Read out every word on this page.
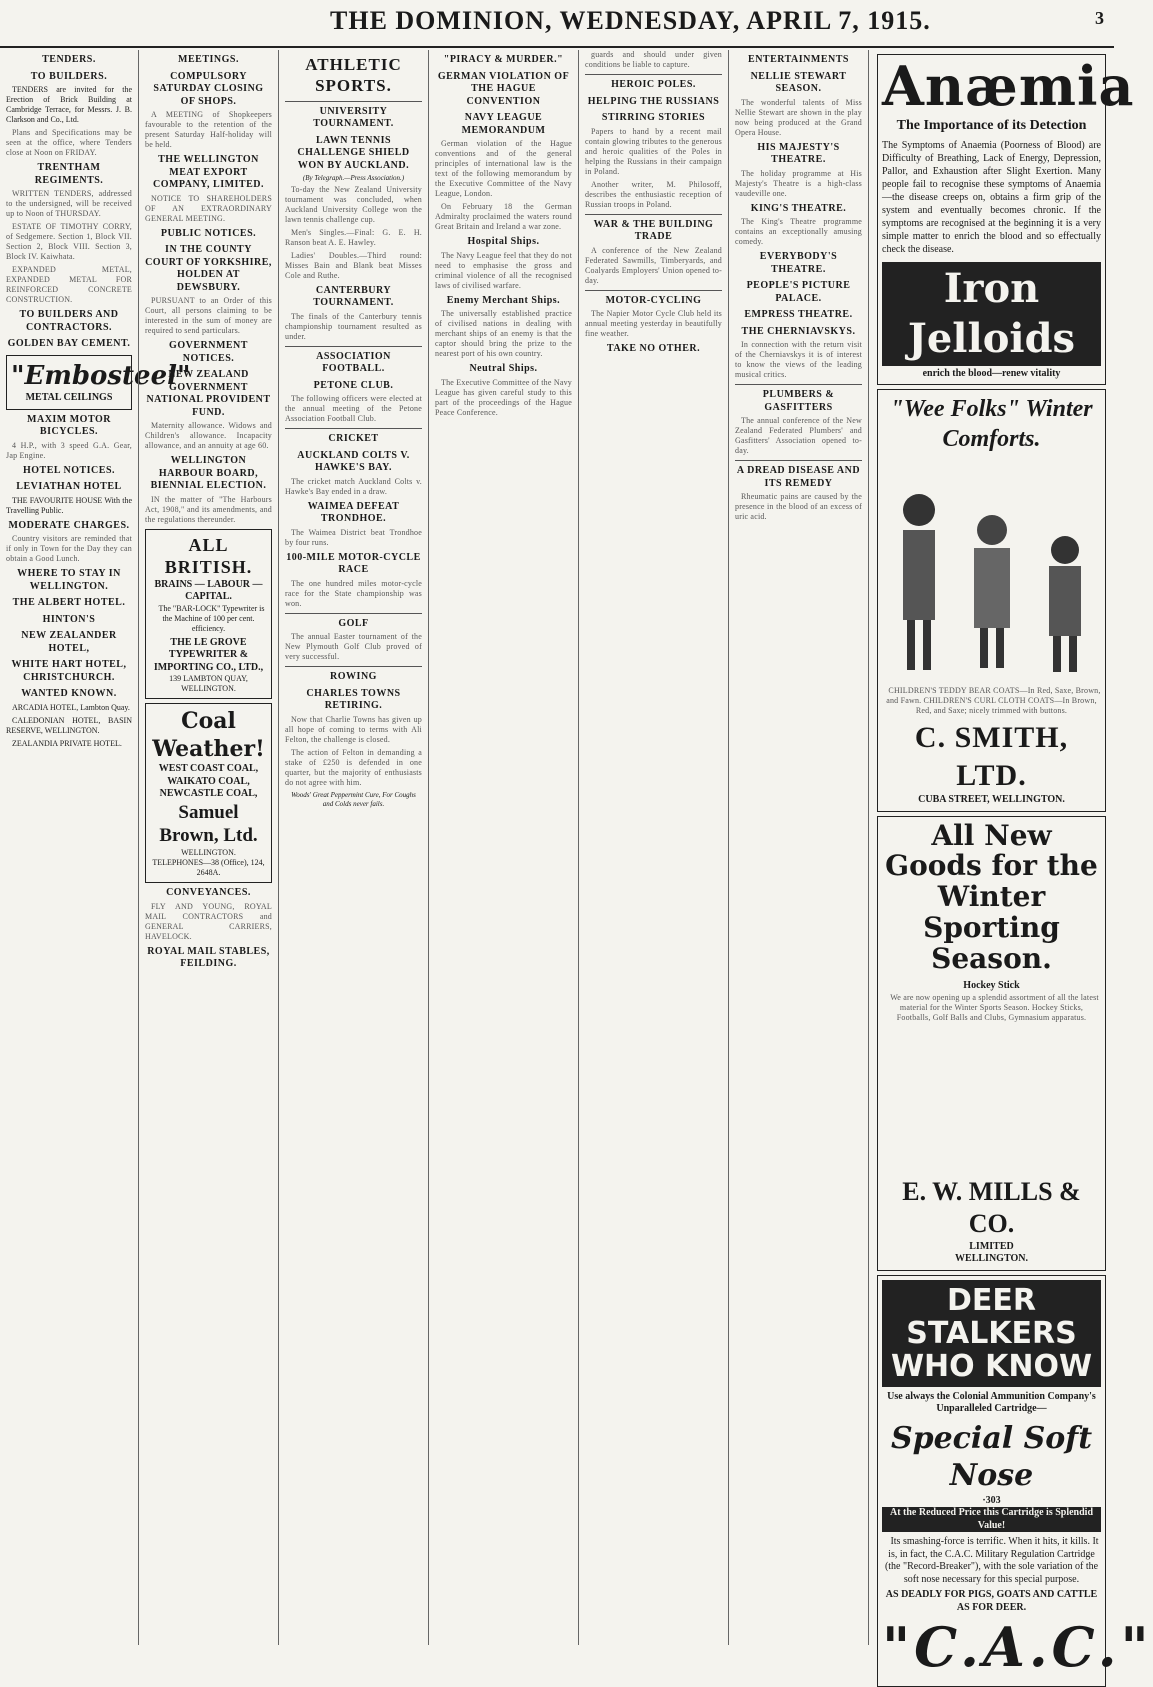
THE DOMINION, WEDNESDAY, APRIL 7, 1915.	3
TENDERS.
TO BUILDERS.

TENDERS are invited for the Erection of Brick Building at Cambridge Terrace, for Messrs. J. B. Clarkson and Co., Ltd.

Plans and Specifications may be seen at the office, where Tenders close at Noon on FRIDAY.

TRENTHAM REGIMENTS.

WRITTEN TENDERS, addressed to the undersigned, will be received up to Noon of THURSDAY.

ESTATE OF TIMOTHY CORRY, of Sedgemere. Section 1, Block VII. Section 2, Block VIII. Section 3, Block IV. Kaiwhata.

EXPANDED METAL, EXPANDED METAL FOR REINFORCED CONCRETE CONSTRUCTION.

TO BUILDERS AND CONTRACTORS.
GOLDEN BAY CEMENT.
"Embosteel"
METAL CEILINGS
MAXIM MOTOR BICYCLES.

4 H.P., with 3 speed G.A. Gear, Jap Engine.

HOTEL NOTICES.
LEVIATHAN HOTEL

THE FAVOURITE HOUSE With the Travelling Public.

MODERATE CHARGES.

Country visitors are reminded that if only in Town for the Day they can obtain a Good Lunch.

WHERE TO STAY IN WELLINGTON.
THE ALBERT HOTEL.
HINTON'S
NEW ZEALANDER HOTEL,
WHITE HART HOTEL, CHRISTCHURCH.
WANTED KNOWN.

ARCADIA HOTEL, Lambton Quay.

CALEDONIAN HOTEL, BASIN RESERVE, WELLINGTON.

ZEALANDIA PRIVATE HOTEL.

MEETINGS.
COMPULSORY SATURDAY CLOSING OF SHOPS.

A MEETING of Shopkeepers favourable to the retention of the present Saturday Half-holiday will be held.

THE WELLINGTON MEAT EXPORT COMPANY, LIMITED.

NOTICE TO SHAREHOLDERS OF AN EXTRAORDINARY GENERAL MEETING.

PUBLIC NOTICES.
IN THE COUNTY COURT OF YORKSHIRE, HOLDEN AT DEWSBURY.

PURSUANT to an Order of this Court, all persons claiming to be interested in the sum of money are required to send particulars.

GOVERNMENT NOTICES.
NEW ZEALAND GOVERNMENT NATIONAL PROVIDENT FUND.

Maternity allowance. Widows and Children's allowance. Incapacity allowance, and an annuity at age 60.

WELLINGTON HARBOUR BOARD, BIENNIAL ELECTION.

IN the matter of "The Harbours Act, 1908," and its amendments, and the regulations thereunder.

ALL BRITISH.
BRAINS — LABOUR — CAPITAL.

The "BAR-LOCK" Typewriter is the Machine of 100 per cent. efficiency.

THE LE GROVE TYPEWRITER & IMPORTING CO., LTD.,
139 LAMBTON QUAY, WELLINGTON.
Coal Weather!
WEST COAST COAL, WAIKATO COAL, NEWCASTLE COAL,
Samuel Brown, Ltd.
WELLINGTON.
TELEPHONES—38 (Office), 124, 2648A.
CONVEYANCES.

FLY AND YOUNG, ROYAL MAIL CONTRACTORS and GENERAL CARRIERS, HAVELOCK.

ROYAL MAIL STABLES, FEILDING.
ATHLETIC SPORTS.
UNIVERSITY TOURNAMENT.
LAWN TENNIS CHALLENGE SHIELD WON BY AUCKLAND.
(By Telegraph.—Press Association.)

To-day the New Zealand University tournament was concluded, when Auckland University College won the lawn tennis challenge cup.

Men's Singles.—Final: G. E. H. Ranson beat A. E. Hawley.

Ladies' Doubles.—Third round: Misses Bain and Blank beat Misses Cole and Ruthe.

CANTERBURY TOURNAMENT.

The finals of the Canterbury tennis championship tournament resulted as under.

ASSOCIATION FOOTBALL.
PETONE CLUB.

The following officers were elected at the annual meeting of the Petone Association Football Club.

CRICKET
AUCKLAND COLTS V. HAWKE'S BAY.

The cricket match Auckland Colts v. Hawke's Bay ended in a draw.

WAIMEA DEFEAT TRONDHOE.

The Waimea District beat Trondhoe by four runs.

100-MILE MOTOR-CYCLE RACE

The one hundred miles motor-cycle race for the State championship was won.

GOLF

The annual Easter tournament of the New Plymouth Golf Club proved of very successful.

ROWING
CHARLES TOWNS RETIRING.

Now that Charlie Towns has given up all hope of coming to terms with Ali Felton, the challenge is closed.

The action of Felton in demanding a stake of £250 is defended in one quarter, but the majority of enthusiasts do not agree with him.

Woods' Great Peppermint Cure, For Coughs and Colds never fails.
"PIRACY & MURDER."
GERMAN VIOLATION OF THE HAGUE CONVENTION
NAVY LEAGUE MEMORANDUM

German violation of the Hague conventions and of the general principles of international law is the text of the following memorandum by the Executive Committee of the Navy League, London.

On February 18 the German Admiralty proclaimed the waters round Great Britain and Ireland a war zone.

Hospital Ships.

The Navy League feel that they do not need to emphasise the gross and criminal violence of all the recognised laws of civilised warfare.

Enemy Merchant Ships.

The universally established practice of civilised nations in dealing with merchant ships of an enemy is that the captor should bring the prize to the nearest port of his own country.

Neutral Ships.

The Executive Committee of the Navy League has given careful study to this part of the proceedings of the Hague Peace Conference.

guards and should under given conditions be liable to capture.

HEROIC POLES.
HELPING THE RUSSIANS
STIRRING STORIES

Papers to hand by a recent mail contain glowing tributes to the generous and heroic qualities of the Poles in helping the Russians in their campaign in Poland.

Another writer, M. Philosoff, describes the enthusiastic reception of Russian troops in Poland.

WAR & THE BUILDING TRADE

A conference of the New Zealand Federated Sawmills, Timberyards, and Coalyards Employers' Union opened to-day.

MOTOR-CYCLING

The Napier Motor Cycle Club held its annual meeting yesterday in beautifully fine weather.

TAKE NO OTHER.
ENTERTAINMENTS
NELLIE STEWART SEASON.

The wonderful talents of Miss Nellie Stewart are shown in the play now being produced at the Grand Opera House.

HIS MAJESTY'S THEATRE.

The holiday programme at His Majesty's Theatre is a high-class vaudeville one.

KING'S THEATRE.

The King's Theatre programme contains an exceptionally amusing comedy.

EVERYBODY'S THEATRE.
PEOPLE'S PICTURE PALACE.
EMPRESS THEATRE.
THE CHERNIAVSKYS.

In connection with the return visit of the Cherniavskys it is of interest to know the views of the leading musical critics.

PLUMBERS & GASFITTERS

The annual conference of the New Zealand Federated Plumbers' and Gasfitters' Association opened to-day.

A DREAD DISEASE AND ITS REMEDY

Rheumatic pains are caused by the presence in the blood of an excess of uric acid.

Anæmia
The Importance of its Detection
The Symptoms of Anaemia (Poorness of Blood) are Difficulty of Breathing, Lack of Energy, Depression, Pallor, and Exhaustion after Slight Exertion. Many people fail to recognise these symptoms of Anaemia—the disease creeps on, obtains a firm grip of the system and eventually becomes chronic. If the symptoms are recognised at the beginning it is a very simple matter to enrich the blood and so effectually check the disease.
Iron Jelloids
enrich the blood—renew vitality
"Wee Folks" Winter Comforts.

CHILDREN'S TEDDY BEAR COATS—In Red, Saxe, Brown, and Fawn. CHILDREN'S CURL CLOTH COATS—In Brown, Red, and Saxe; nicely trimmed with buttons.

C. SMITH, LTD.
CUBA STREET, WELLINGTON.
All New Goods for the Winter Sporting Season.
Hockey Stick

We are now opening up a splendid assortment of all the latest material for the Winter Sports Season. Hockey Sticks, Footballs, Golf Balls and Clubs, Gymnasium apparatus.

E. W. MILLS & CO.
LIMITED
WELLINGTON.
DEER STALKERS WHO KNOW
Use always the Colonial Ammunition Company's Unparalleled Cartridge—
Special Soft Nose
·303
At the Reduced Price this Cartridge is Splendid Value!

Its smashing-force is terrific. When it hits, it kills. It is, in fact, the C.A.C. Military Regulation Cartridge (the "Record-Breaker"), with the sole variation of the soft nose necessary for this special purpose.

AS DEADLY FOR PIGS, GOATS AND CATTLE AS FOR DEER.
"C.A.C."
